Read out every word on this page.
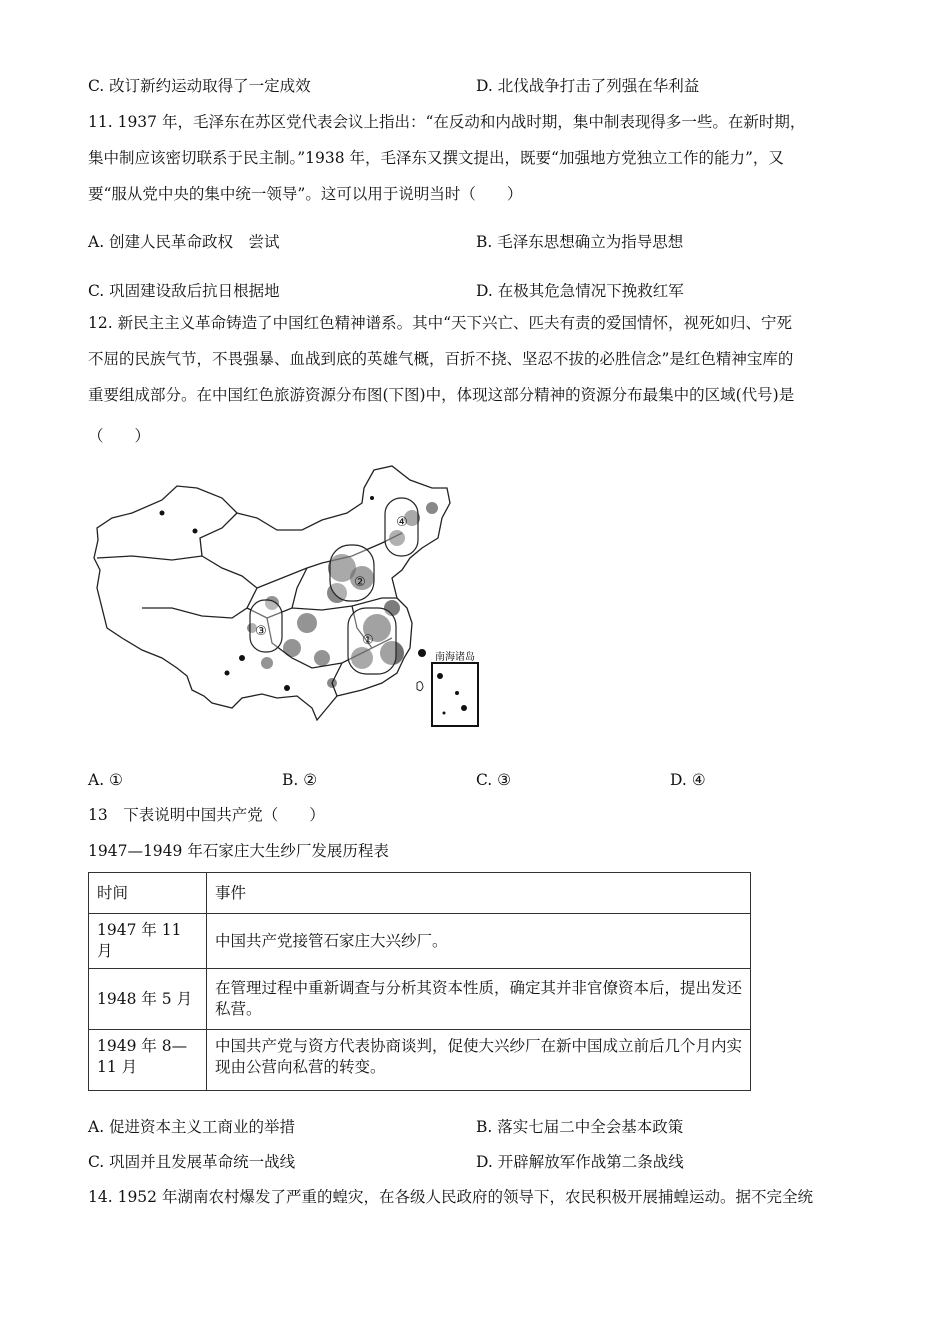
C. 改订新约运动取得了一定成效	D. 北伐战争打击了列强在华利益
11. 1937 年，毛泽东在苏区党代表会议上指出：“在反动和内战时期，集中制表现得多一些。在新时期，
集中制应该密切联系于民主制。”1938 年，毛泽东又撰文提出，既要“加强地方党独立工作的能力”，又
要“服从党中央的集中统一领导”。这可以用于说明当时（　　）
A. 创建人民革命政权　尝试	B. 毛泽东思想确立为指导思想
C. 巩固建设敌后抗日根据地	D. 在极其危急情况下挽救红军
12. 新民主主义革命铸造了中国红色精神谱系。其中“天下兴亡、匹夫有责的爱国情怀，视死如归、宁死
不屈的民族气节，不畏强暴、血战到底的英雄气概，百折不挠、坚忍不拔的必胜信念”是红色精神宝库的
重要组成部分。在中国红色旅游资源分布图(下图)中，体现这部分精神的资源分布最集中的区域(代号)是
（　　）
④
②
③
①
南海诸岛
A. ①	B. ②	C. ③	D. ④
13　下表说明中国共产党（　　）
1947—1949 年石家庄大生纱厂发展历程表
时间	事件
1947 年 11 月	中国共产党接管石家庄大兴纱厂。
1948 年 5 月	在管理过程中重新调查与分析其资本性质，确定其并非官僚资本后，提出发还私营。
1949 年 8—11 月	中国共产党与资方代表协商谈判，促使大兴纱厂在新中国成立前后几个月内实现由公营向私营的转变。
A. 促进资本主义工商业的举措	B. 落实七届二中全会基本政策
C. 巩固并且发展革命统一战线	D. 开辟解放军作战第二条战线
14. 1952 年湖南农村爆发了严重的蝗灾，在各级人民政府的领导下，农民积极开展捕蝗运动。据不完全统
